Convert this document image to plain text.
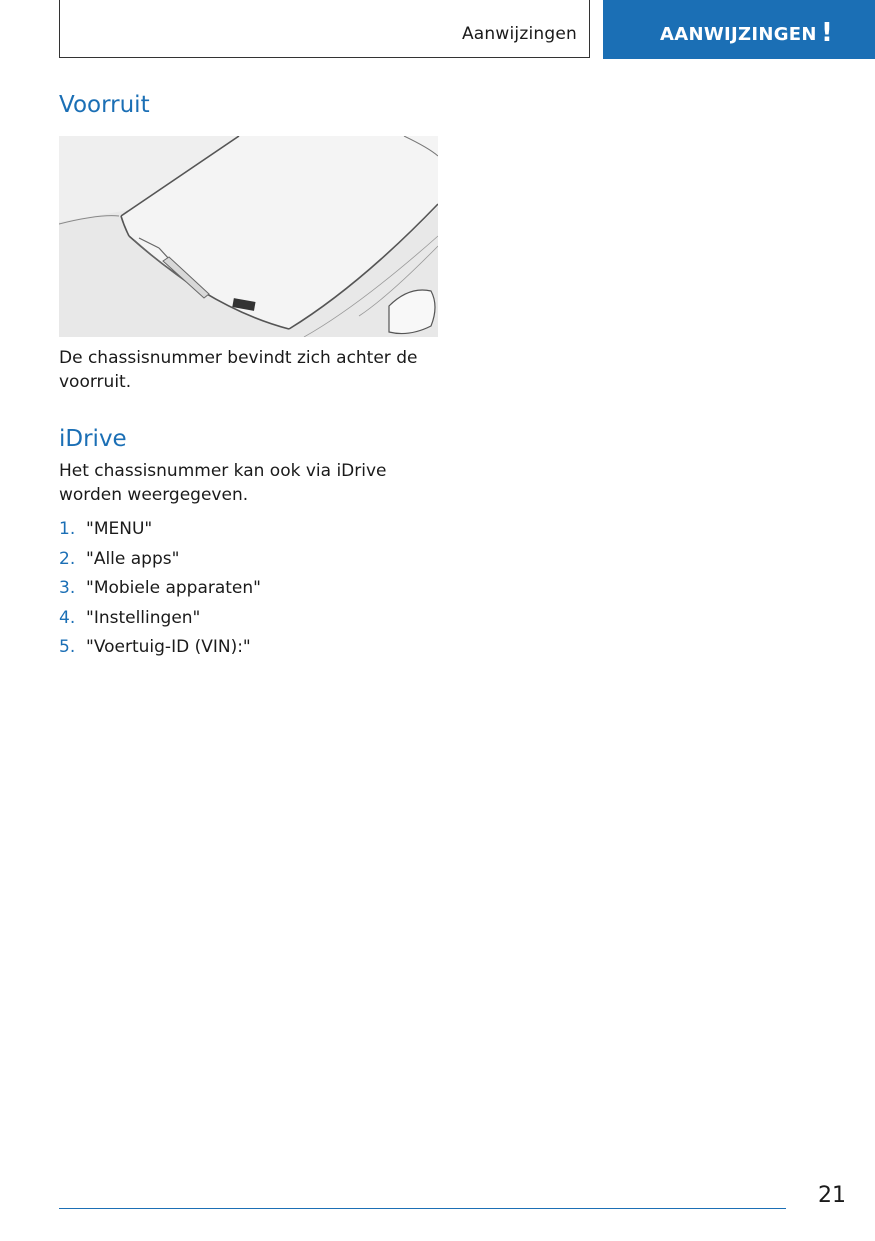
Aanwijzingen	AANWIJZINGEN !
Voorruit

De chassisnummer bevindt zich achter de voorruit.

iDrive

Het chassisnummer kan ook via iDrive worden weergegeven.

1. "MENU"
2. "Alle apps"
3. "Mobiele apparaten"
4. "Instellingen"
5. "Voertuig-ID (VIN):"
21
